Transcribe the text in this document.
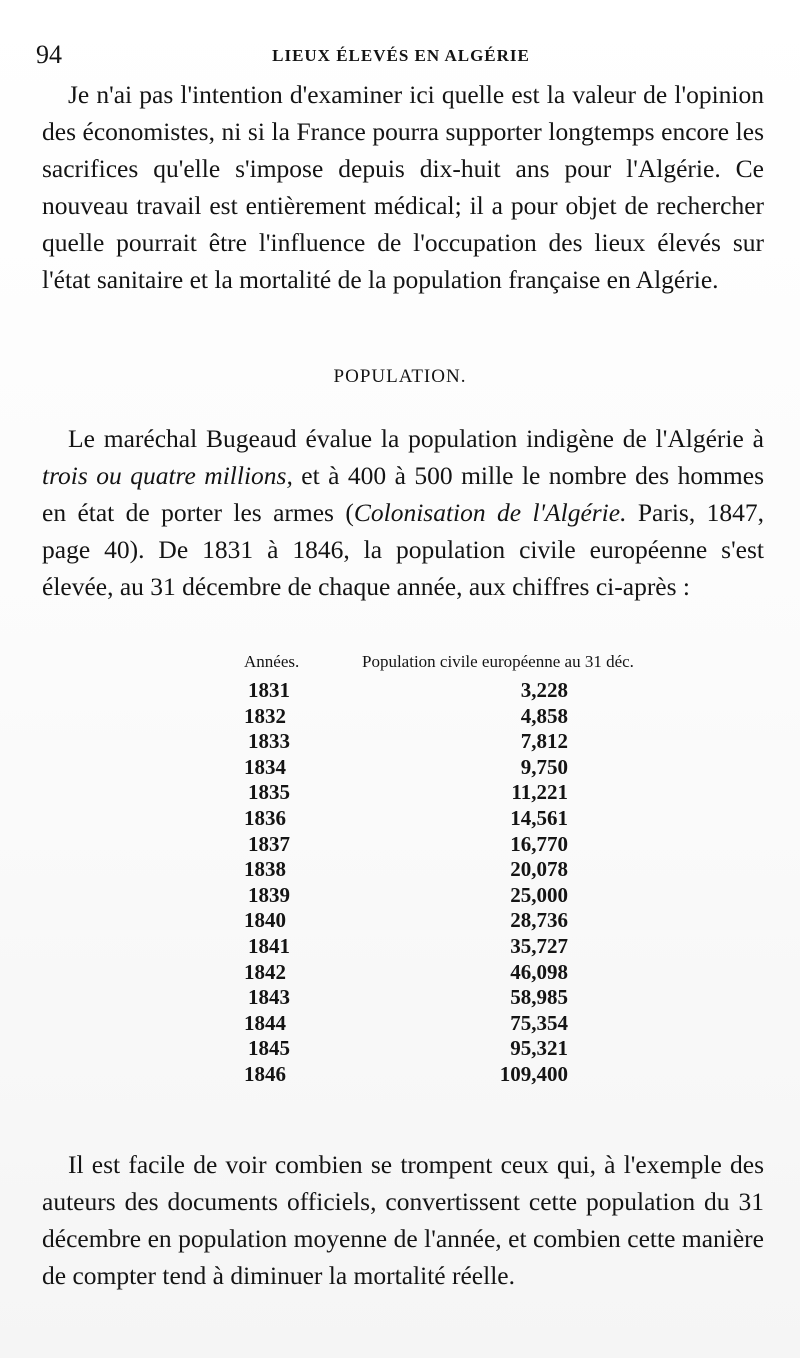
94	LIEUX ÉLEVÉS EN ALGÉRIE

Je n'ai pas l'intention d'examiner ici quelle est la valeur de l'opinion des économistes, ni si la France pourra supporter longtemps encore les sacrifices qu'elle s'impose depuis dix-huit ans pour l'Algérie. Ce nouveau travail est entièrement médical; il a pour objet de rechercher quelle pourrait être l'influence de l'occupation des lieux élevés sur l'état sanitaire et la mortalité de la population française en Algérie.

POPULATION.

Le maréchal Bugeaud évalue la population indigène de l'Algérie à trois ou quatre millions, et à 400 à 500 mille le nombre des hommes en état de porter les armes (Colonisation de l'Algérie. Paris, 1847, page 40). De 1831 à 1846, la population civile européenne s'est élevée, au 31 décembre de chaque année, aux chiffres ci-après :

Années.	Population civile européenne au 31 déc.
1831	3,228
1832	4,858
1833	7,812
1834	9,750
1835	11,221
1836	14,561
1837	16,770
1838	20,078
1839	25,000
1840	28,736
1841	35,727
1842	46,098
1843	58,985
1844	75,354
1845	95,321
1846	109,400

Il est facile de voir combien se trompent ceux qui, à l'exemple des auteurs des documents officiels, convertissent cette population du 31 décembre en population moyenne de l'année, et combien cette manière de compter tend à diminuer la mortalité réelle.
